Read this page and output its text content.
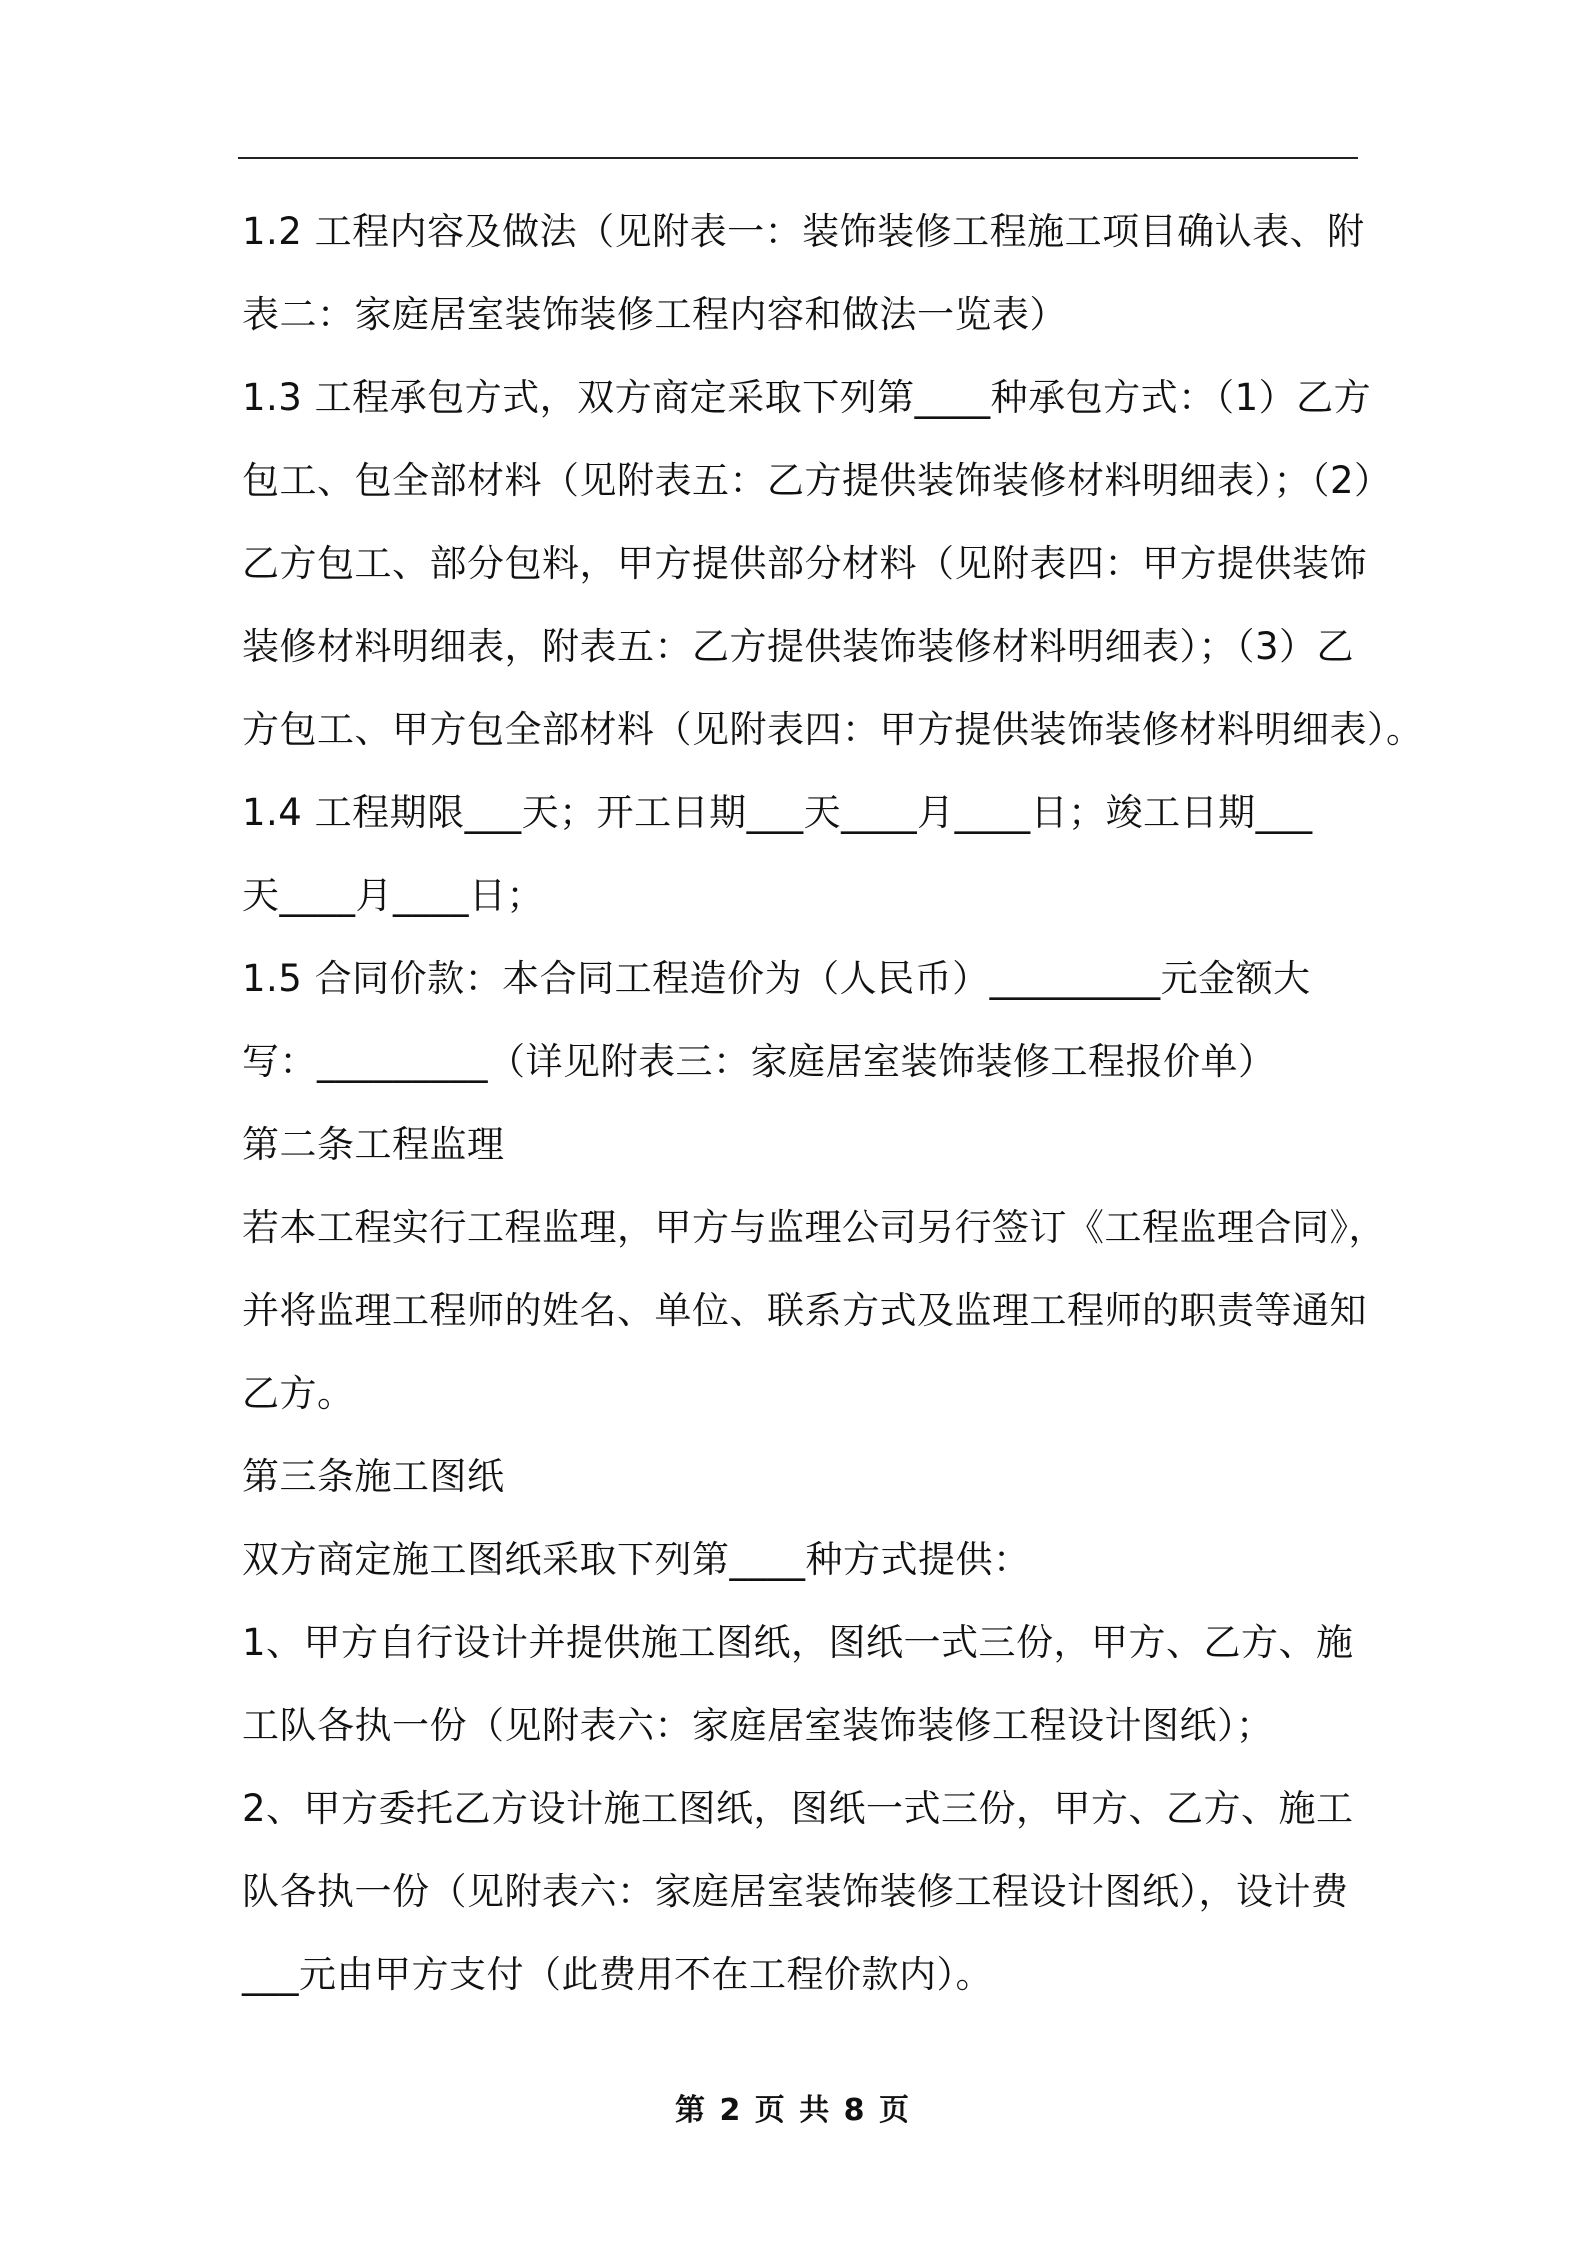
1.2 工程内容及做法（见附表一：装饰装修工程施工项目确认表、附
表二：家庭居室装饰装修工程内容和做法一览表）
1.3 工程承包方式，双方商定采取下列第____种承包方式：（1）乙方
包工、包全部材料（见附表五：乙方提供装饰装修材料明细表）；（2）
乙方包工、部分包料，甲方提供部分材料（见附表四：甲方提供装饰
装修材料明细表，附表五：乙方提供装饰装修材料明细表）；（3）乙
方包工、甲方包全部材料（见附表四：甲方提供装饰装修材料明细表）。
1.4 工程期限___天；开工日期___天____月____日；竣工日期___
天____月____日；
1.5 合同价款：本合同工程造价为（人民币）_________元金额大
写：_________（详见附表三：家庭居室装饰装修工程报价单）
第二条工程监理
若本工程实行工程监理，甲方与监理公司另行签订《工程监理合同》，
并将监理工程师的姓名、单位、联系方式及监理工程师的职责等通知
乙方。
第三条施工图纸
双方商定施工图纸采取下列第____种方式提供：
1、甲方自行设计并提供施工图纸，图纸一式三份，甲方、乙方、施
工队各执一份（见附表六：家庭居室装饰装修工程设计图纸）；
2、甲方委托乙方设计施工图纸，图纸一式三份，甲方、乙方、施工
队各执一份（见附表六：家庭居室装饰装修工程设计图纸），设计费
___元由甲方支付（此费用不在工程价款内）。
第 2 页 共 8 页
